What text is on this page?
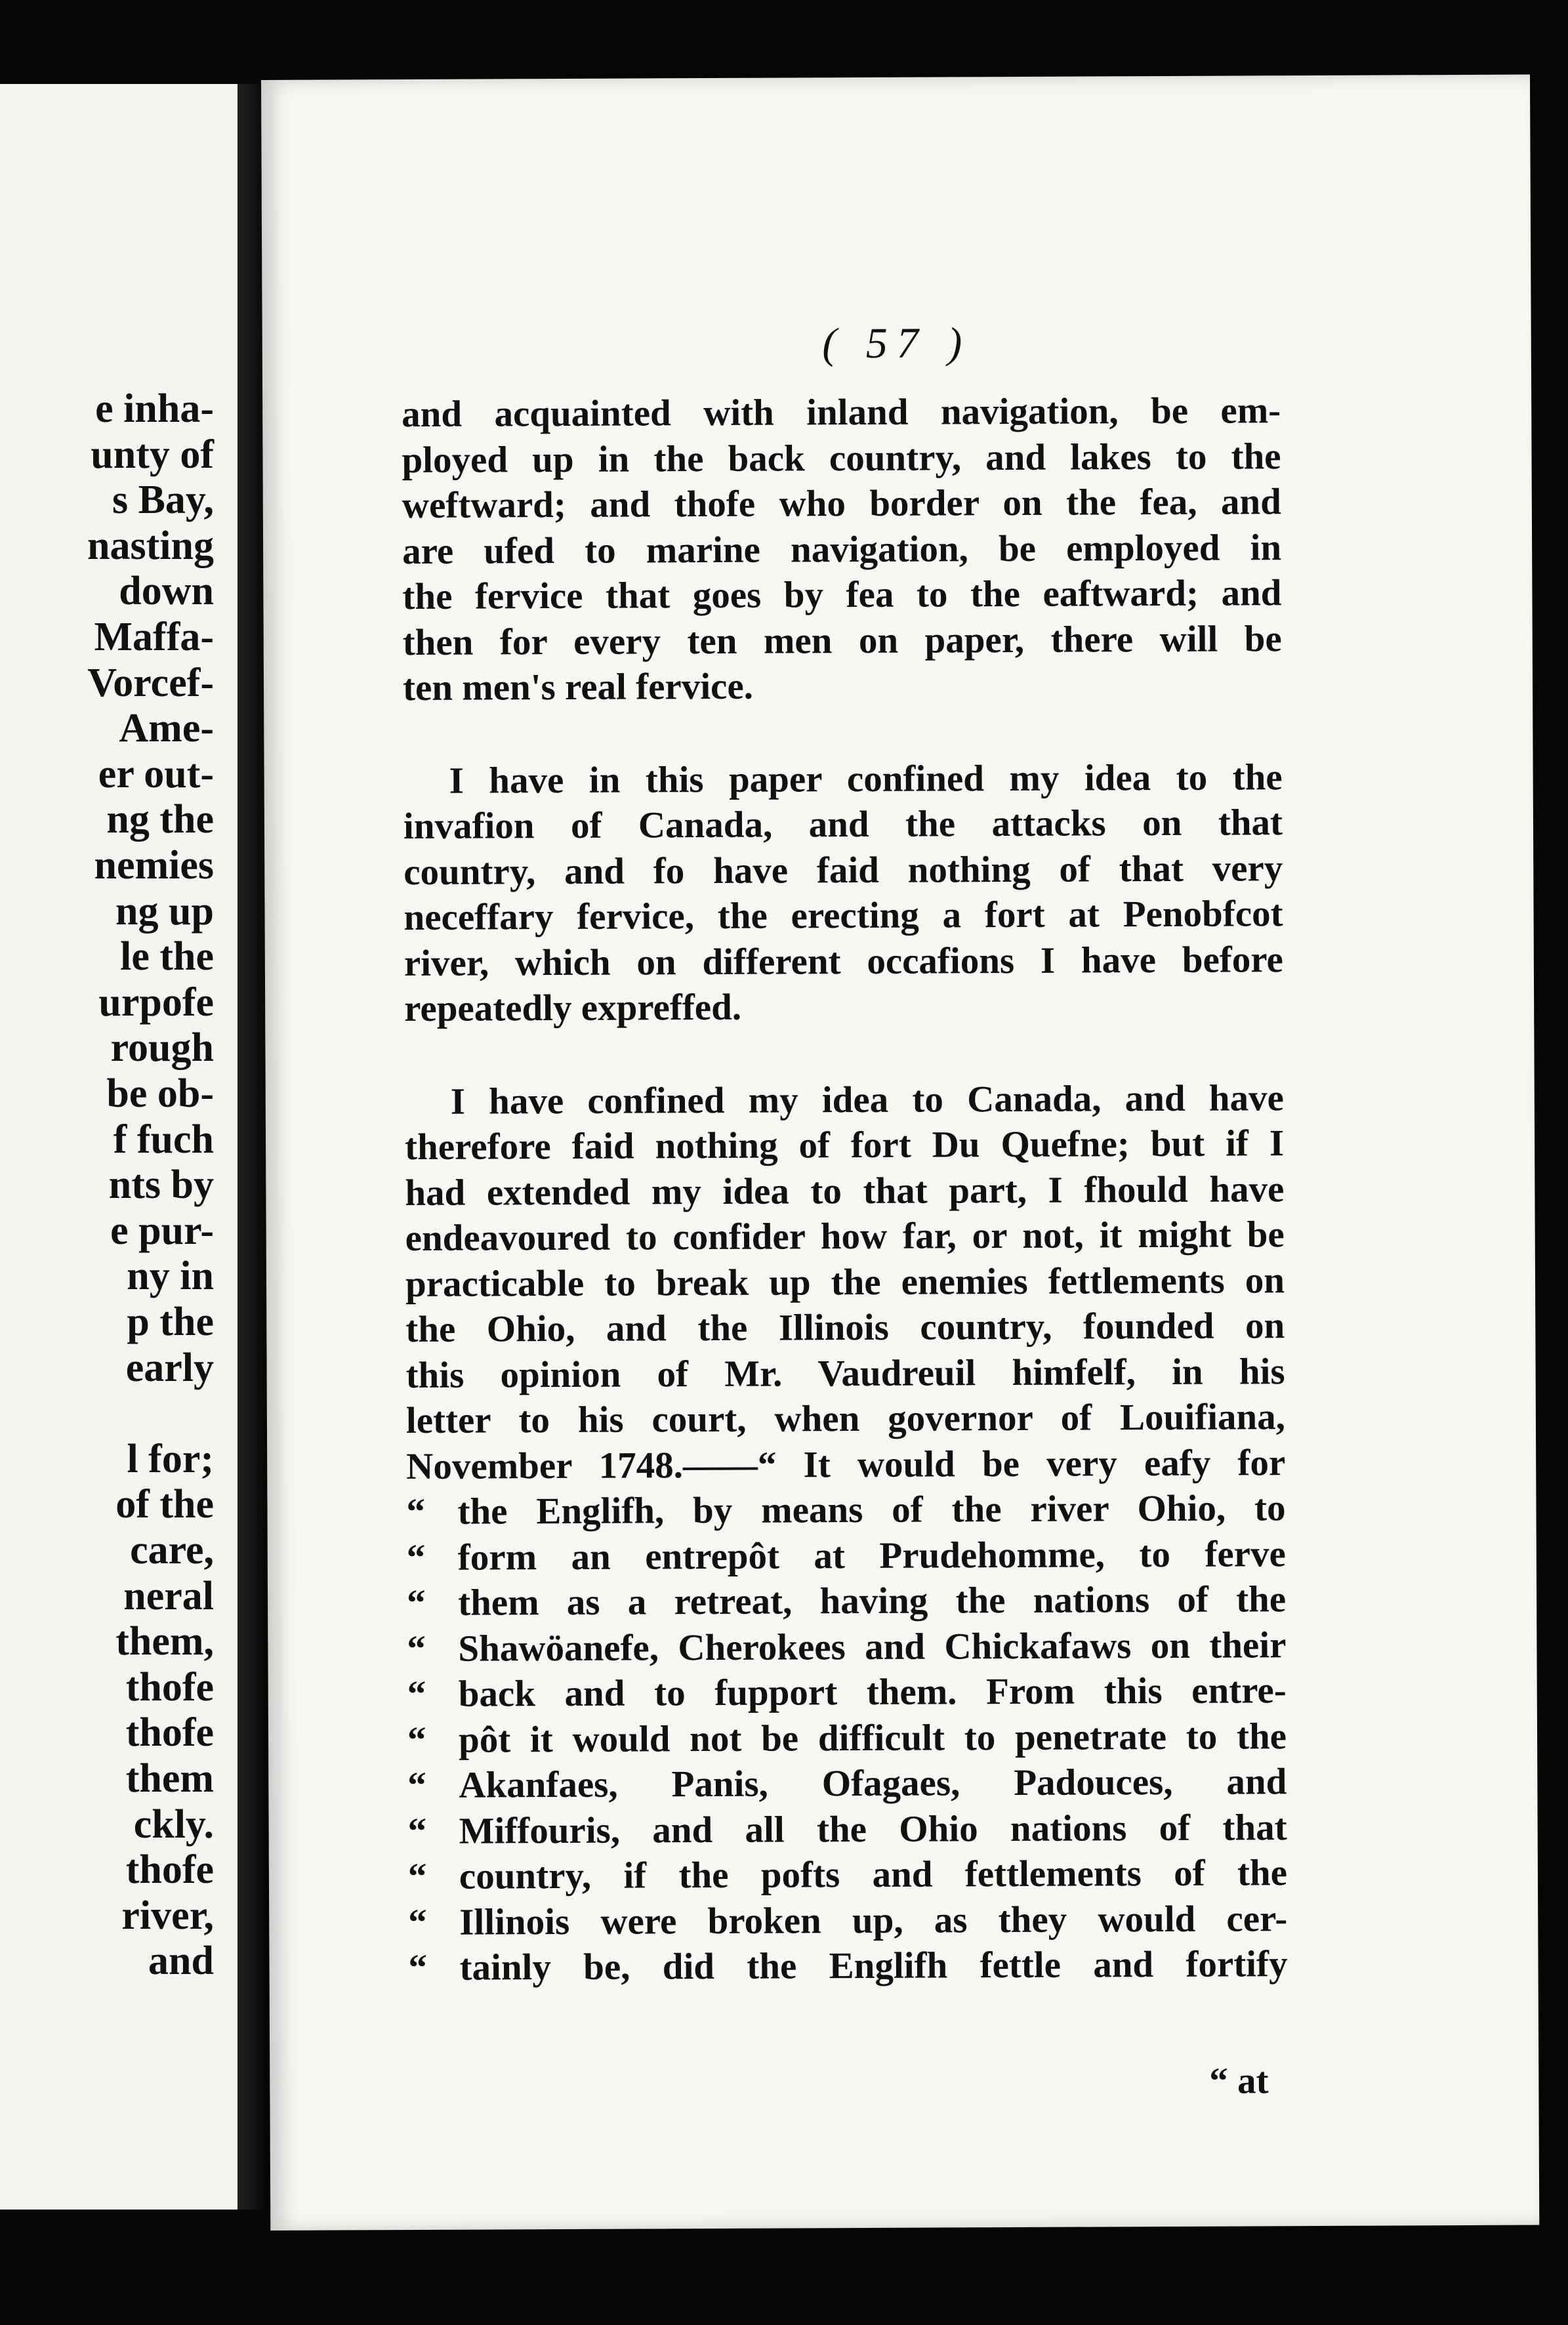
e inha-
unty of
s Bay,
nasting
down
Maffa-
Vorcef-
Ame-
er out-
ng the
nemies
ng up
le the
urpofe
rough
be ob-
f fuch
nts by
e pur-
ny in
p the
early
l for;
of the
care,
neral
them,
thofe
thofe
them
ckly.
thofe
river,
and
( 57 )
and acquainted with inland navigation, be em-
ployed up in the back country, and lakes to the
weftward; and thofe who border on the fea, and
are ufed to marine navigation, be employed in
the fervice that goes by fea to the eaftward; and
then for every ten men on paper, there will be
ten men's real fervice.
I have in this paper confined my idea to the
invafion of Canada, and the attacks on that
country, and fo have faid nothing of that very
neceffary fervice, the erecting a fort at Penobfcot
river, which on different occafions I have before
repeatedly expreffed.
I have confined my idea to Canada, and have
therefore faid nothing of fort Du Quefne; but if I
had extended my idea to that part, I fhould have
endeavoured to confider how far, or not, it might be
practicable to break up the enemies fettlements on
the Ohio, and the Illinois country, founded on
this opinion of Mr. Vaudreuil himfelf, in his
letter to his court, when governor of Louifiana,
November 1748.——“ It would be very eafy for
“ the Englifh, by means of the river Ohio, to
“ form an entrepôt at Prudehomme, to ferve
“ them as a retreat, having the nations of the
“ Shawöanefe, Cherokees and Chickafaws on their
“ back and to fupport them. From this entre-
“ pôt it would not be difficult to penetrate to the
“ Akanfaes, Panis, Ofagaes, Padouces, and
“ Miffouris, and all the Ohio nations of that
“ country, if the pofts and fettlements of the
“ Illinois were broken up, as they would cer-
“ tainly be, did the Englifh fettle and fortify
“ at
